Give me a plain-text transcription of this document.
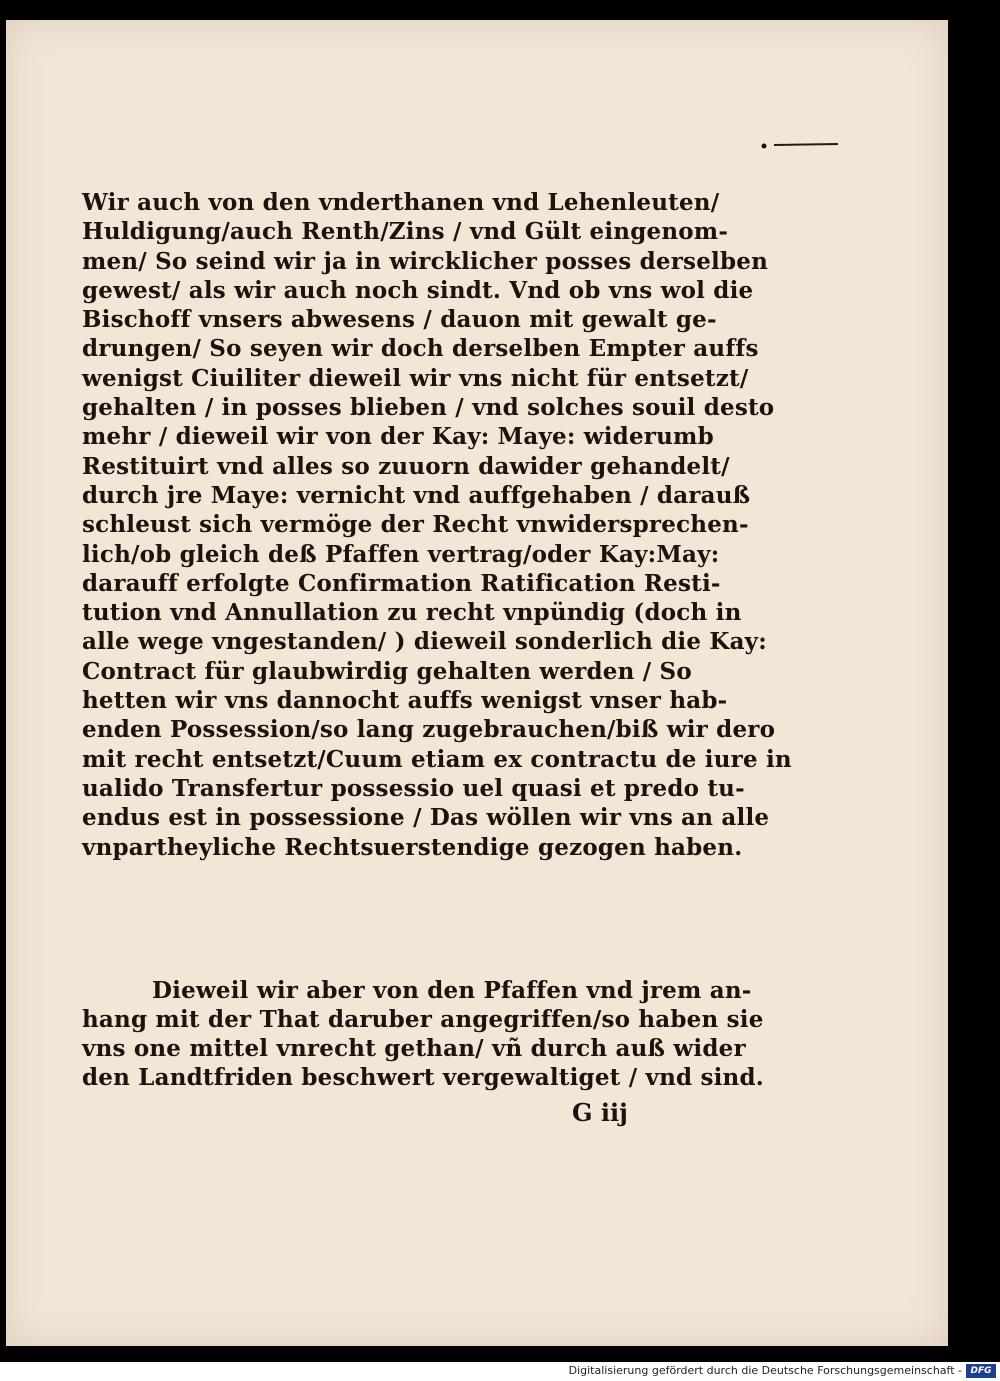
Wir auch von den vnderthanen vnd Lehenleuten/
Huldigung/auch Renth/Zins / vnd Gült eingenom-
men/ So seind wir ja in wircklicher posses derselben
gewest/ als wir auch noch sindt. Vnd ob vns wol die
Bischoff vnsers abwesens / dauon mit gewalt ge-
drungen/ So seyen wir doch derselben Empter auffs
wenigst Ciuiliter dieweil wir vns nicht für entsetzt/
gehalten / in posses blieben / vnd solches souil desto
mehr / dieweil wir von der Kay: Maye: widerumb
Restituirt vnd alles so zuuorn dawider gehandelt/
durch jre Maye: vernicht vnd auffgehaben / darauß
schleust sich vermöge der Recht vnwidersprechen-
lich/ob gleich deß Pfaffen vertrag/oder Kay:May:
darauff erfolgte Confirmation Ratification Resti-
tution vnd Annullation zu recht vnpündig (doch in
alle wege vngestanden/ ) dieweil sonderlich die Kay:
Contract für glaubwirdig gehalten werden / So
hetten wir vns dannocht auffs wenigst vnser hab-
enden Possession/so lang zugebrauchen/biß wir dero
mit recht entsetzt/Cuum etiam ex contractu de iure in
ualido Transfertur possessio uel quasi et predo tu-
endus est in possessione / Das wöllen wir vns an alle
vnpartheyliche Rechtsuerstendige gezogen haben.
Dieweil wir aber von den Pfaffen vnd jrem an-
hang mit der That daruber angegriffen/so haben sie
vns one mittel vnrecht gethan/ vñ durch auß wider
den Landtfriden beschwert vergewaltiget / vnd sind.
G iij
Digitalisierung gefördert durch die Deutsche Forschungsgemeinschaft - DFG
